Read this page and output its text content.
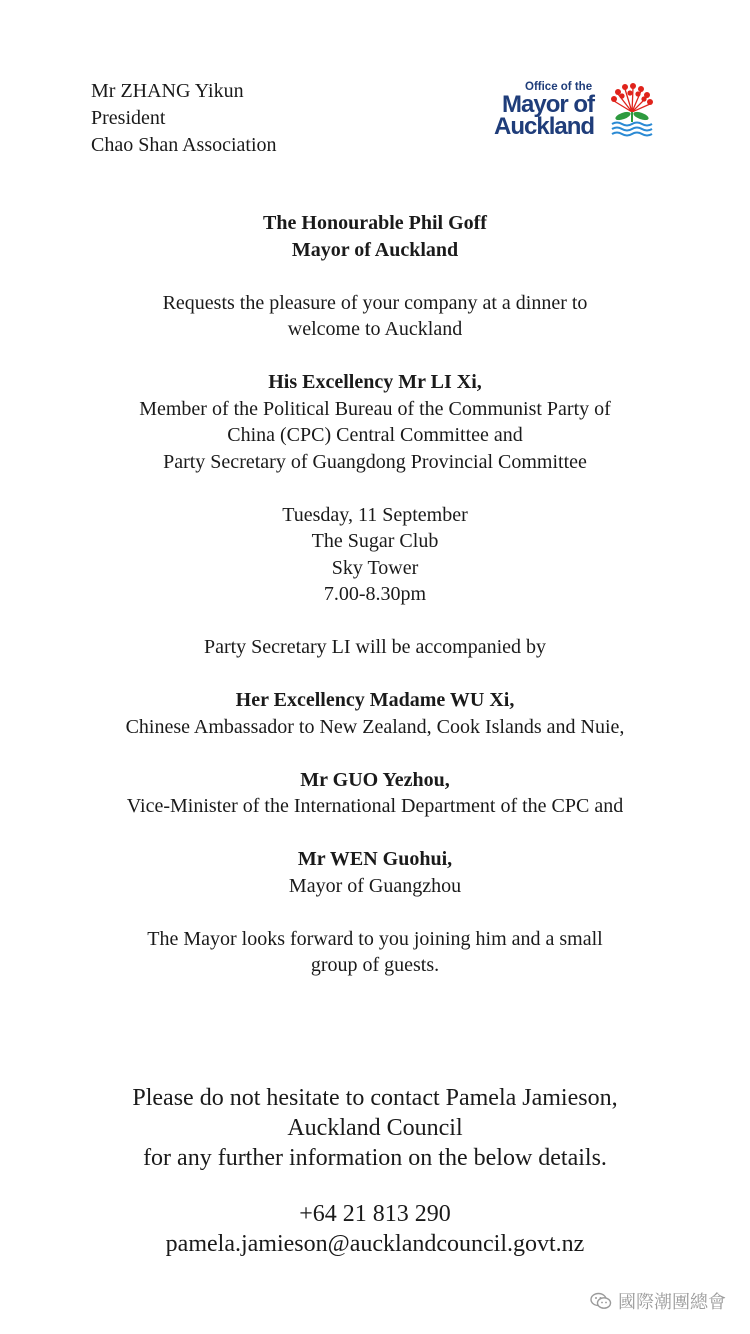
Mr ZHANG Yikun
President
Chao Shan Association
Office of the
Mayor of
Auckland
The Honourable Phil Goff
Mayor of Auckland
Requests the pleasure of your company at a dinner to
welcome to Auckland
His Excellency Mr LI Xi,
Member of the Political Bureau of the Communist Party of
China (CPC) Central Committee and
Party Secretary of Guangdong Provincial Committee
Tuesday, 11 September
The Sugar Club
Sky Tower
7.00-8.30pm
Party Secretary LI will be accompanied by
Her Excellency Madame WU Xi,
Chinese Ambassador to New Zealand, Cook Islands and Nuie,
Mr GUO Yezhou,
Vice-Minister of the International Department of the CPC and
Mr WEN Guohui,
Mayor of Guangzhou
The Mayor looks forward to you joining him and a small
group of guests.
Please do not hesitate to contact Pamela Jamieson,
Auckland Council
for any further information on the below details.
+64 21 813 290
pamela.jamieson@aucklandcouncil.govt.nz
國際潮團總會
